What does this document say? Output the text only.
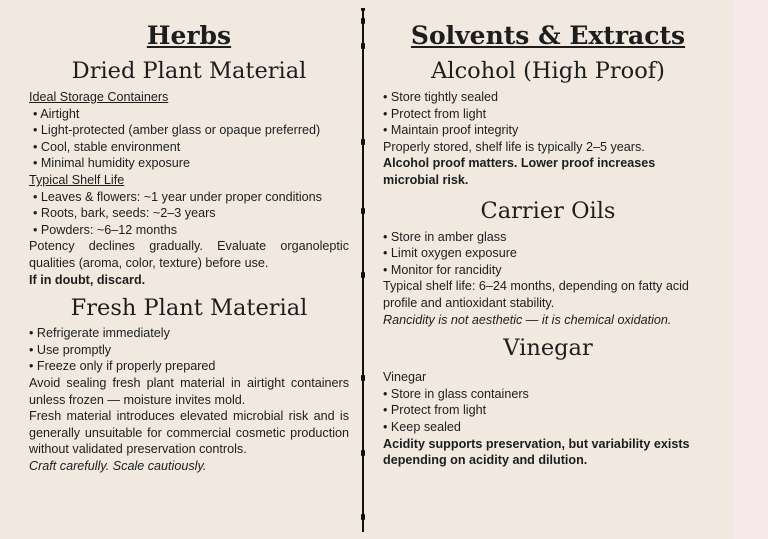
Herbs
Dried Plant Material

Ideal Storage Containers

• Airtight

• Light-protected (amber glass or opaque preferred)

• Cool, stable environment

• Minimal humidity exposure

Typical Shelf Life

• Leaves & flowers: ~1 year under proper conditions

• Roots, bark, seeds: ~2–3 years

• Powders: ~6–12 months

Potency declines gradually. Evaluate organoleptic qualities (aroma, color, texture) before use.

If in doubt, discard.

Fresh Plant Material

• Refrigerate immediately

• Use promptly

• Freeze only if properly prepared

Avoid sealing fresh plant material in airtight containers unless frozen — moisture invites mold.

Fresh material introduces elevated microbial risk and is generally unsuitable for commercial cosmetic production without validated preservation controls.

Craft carefully. Scale cautiously.

Solvents & Extracts
Alcohol (High Proof)

• Store tightly sealed

• Protect from light

• Maintain proof integrity

Properly stored, shelf life is typically 2–5 years.

Alcohol proof matters. Lower proof increases microbial risk.

Carrier Oils

• Store in amber glass

• Limit oxygen exposure

• Monitor for rancidity

Typical shelf life: 6–24 months, depending on fatty acid profile and antioxidant stability.

Rancidity is not aesthetic — it is chemical oxidation.

Vinegar

Vinegar

• Store in glass containers

• Protect from light

• Keep sealed

Acidity supports preservation, but variability exists depending on acidity and dilution.
